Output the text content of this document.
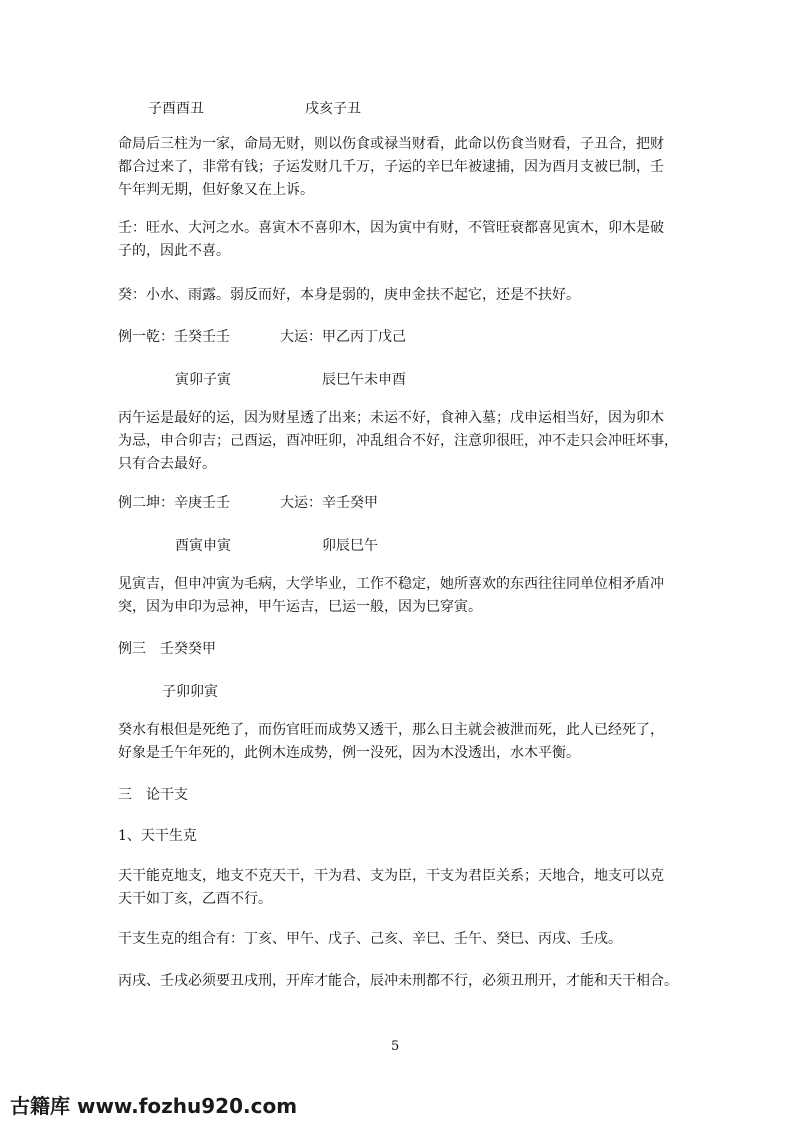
子酉酉丑	戌亥子丑
命局后三柱为一家，命局无财，则以伤食或禄当财看，此命以伤食当财看，子丑合，把财
都合过来了，非常有钱；子运发财几千万，子运的辛巳年被逮捕，因为酉月支被巳制，壬
午年判无期，但好象又在上诉。
壬：旺水、大河之水。喜寅木不喜卯木，因为寅中有财，不管旺衰都喜见寅木，卯木是破
子的，因此不喜。
癸：小水、雨露。弱反而好，本身是弱的，庚申金扶不起它，还是不扶好。
例一乾：壬癸壬壬	大运：甲乙丙丁戊己
寅卯子寅	辰巳午未申酉
丙午运是最好的运，因为财星透了出来；未运不好，食神入墓；戊申运相当好，因为卯木
为忌，申合卯吉；己酉运，酉冲旺卯，冲乱组合不好，注意卯很旺，冲不走只会冲旺坏事，
只有合去最好。
例二坤：辛庚壬壬	大运：辛壬癸甲
酉寅申寅	卯辰巳午
见寅吉，但申冲寅为毛病，大学毕业，工作不稳定，她所喜欢的东西往往同单位相矛盾冲
突，因为申印为忌神，甲午运吉，巳运一般，因为巳穿寅。
例三　壬癸癸甲
子卯卯寅
癸水有根但是死绝了，而伤官旺而成势又透干，那么日主就会被泄而死，此人已经死了，
好象是壬午年死的，此例木连成势，例一没死，因为木没透出，水木平衡。
三　论干支
1、天干生克
天干能克地支，地支不克天干，干为君、支为臣，干支为君臣关系；天地合，地支可以克
天干如丁亥，乙酉不行。
干支生克的组合有：丁亥、甲午、戊子、己亥、辛巳、壬午、癸巳、丙戌、壬戌。
丙戌、壬戌必须要丑戌刑，开库才能合，辰冲未刑都不行，必须丑刑开，才能和天干相合。
5
古籍库 www.fozhu920.com
